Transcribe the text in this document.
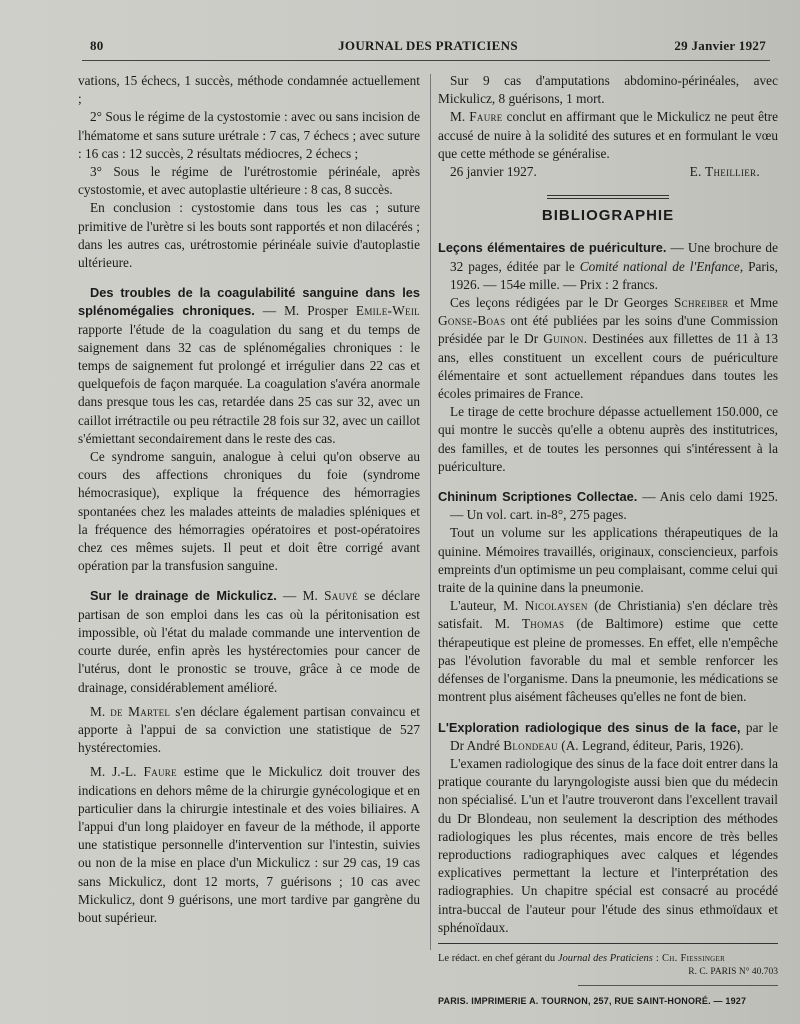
80	JOURNAL DES PRATICIENS	29 Janvier 1927

vations, 15 échecs, 1 succès, méthode condamnée actuellement ;

2° Sous le régime de la cystostomie : avec ou sans incision de l'hématome et sans suture urétrale : 7 cas, 7 échecs ; avec suture : 16 cas : 12 succès, 2 résultats médiocres, 2 échecs ;

3° Sous le régime de l'urétrostomie périnéale, après cystostomie, et avec autoplastie ultérieure : 8 cas, 8 succès.

En conclusion : cystostomie dans tous les cas ; suture primitive de l'urètre si les bouts sont rapportés et non dilacérés ; dans les autres cas, urétrostomie périnéale suivie d'autoplastie ultérieure.

Des troubles de la coagulabilité sanguine dans les splénomégalies chroniques. — M. Prosper Emile-Weil rapporte l'étude de la coagulation du sang et du temps de saignement dans 32 cas de splénomégalies chroniques : le temps de saignement fut prolongé et irrégulier dans 22 cas et quelquefois de façon marquée. La coagulation s'avéra anormale dans presque tous les cas, retardée dans 25 cas sur 32, avec un caillot irrétractile ou peu rétractile 28 fois sur 32, avec un caillot s'émiettant secondairement dans le reste des cas.

Ce syndrome sanguin, analogue à celui qu'on observe au cours des affections chroniques du foie (syndrome hémocrasique), explique la fréquence des hémorragies spontanées chez les malades atteints de maladies spléniques et la fréquence des hémorragies opératoires et post-opératoires chez ces mêmes sujets. Il peut et doit être corrigé avant opération par la transfusion sanguine.

Sur le drainage de Mickulicz. — M. Sauvé se déclare partisan de son emploi dans les cas où la péritonisation est impossible, où l'état du malade commande une intervention de courte durée, enfin après les hystérectomies pour cancer de l'utérus, dont le pronostic se trouve, grâce à ce mode de drainage, considérablement amélioré.

M. de Martel s'en déclare également partisan convaincu et apporte à l'appui de sa conviction une statistique de 527 hystérectomies.

M. J.-L. Faure estime que le Mickulicz doit trouver des indications en dehors même de la chirurgie gynécologique et en particulier dans la chirurgie intestinale et des voies biliaires. A l'appui d'un long plaidoyer en faveur de la méthode, il apporte une statistique personnelle d'intervention sur l'intestin, suivies ou non de la mise en place d'un Mickulicz : sur 29 cas, 19 cas sans Mickulicz, dont 12 morts, 7 guérisons ; 10 cas avec Mickulicz, dont 9 guérisons, une mort tardive par gangrène du bout supérieur.

Sur 9 cas d'amputations abdomino-périnéales, avec Mickulicz, 8 guérisons, 1 mort.

M. Faure conclut en affirmant que le Mickulicz ne peut être accusé de nuire à la solidité des sutures et en formulant le vœu que cette méthode se généralise.

26 janvier 1927.	E. Theillier.
BIBLIOGRAPHIE

Leçons élémentaires de puériculture. — Une brochure de 32 pages, éditée par le Comité national de l'Enfance, Paris, 1926. — 154e mille. — Prix : 2 francs.

Ces leçons rédigées par le Dr Georges Schreiber et Mme Gonse-Boas ont été publiées par les soins d'une Commission présidée par le Dr Guinon. Destinées aux fillettes de 11 à 13 ans, elles constituent un excellent cours de puériculture élémentaire et sont actuellement répandues dans toutes les écoles primaires de France.

Le tirage de cette brochure dépasse actuellement 150.000, ce qui montre le succès qu'elle a obtenu auprès des institutrices, des familles, et de toutes les personnes qui s'intéressent à la puériculture.

Chininum Scriptiones Collectae. — Anis celo dami 1925. — Un vol. cart. in-8°, 275 pages.

Tout un volume sur les applications thérapeutiques de la quinine. Mémoires travaillés, originaux, consciencieux, parfois empreints d'un optimisme un peu complaisant, comme celui qui traite de la quinine dans la pneumonie.

L'auteur, M. Nicolaysen (de Christiania) s'en déclare très satisfait. M. Thomas (de Baltimore) estime que cette thérapeutique est pleine de promesses. En effet, elle n'empêche pas l'évolution favorable du mal et semble renforcer les défenses de l'organisme. Dans la pneumonie, les médications se montrent plus aisément fâcheuses qu'elles ne font de bien.

L'Exploration radiologique des sinus de la face, par le Dr André Blondeau (A. Legrand, éditeur, Paris, 1926).

L'examen radiologique des sinus de la face doit entrer dans la pratique courante du laryngologiste aussi bien que du médecin non spécialisé. L'un et l'autre trouveront dans l'excellent travail du Dr Blondeau, non seulement la description des méthodes radiologiques les plus récentes, mais encore de très belles reproductions radiographiques avec calques et légendes explicatives permettant la lecture et l'interprétation des radiographies. Un chapitre spécial est consacré au procédé intra-buccal de l'auteur pour l'étude des sinus ethmoïdaux et sphénoïdaux.

Le rédact. en chef gérant du Journal des Praticiens : Ch. Fiessinger
R. C. PARIS N° 40.703
PARIS. IMPRIMERIE A. TOURNON, 257, RUE SAINT-HONORÉ. — 1927
